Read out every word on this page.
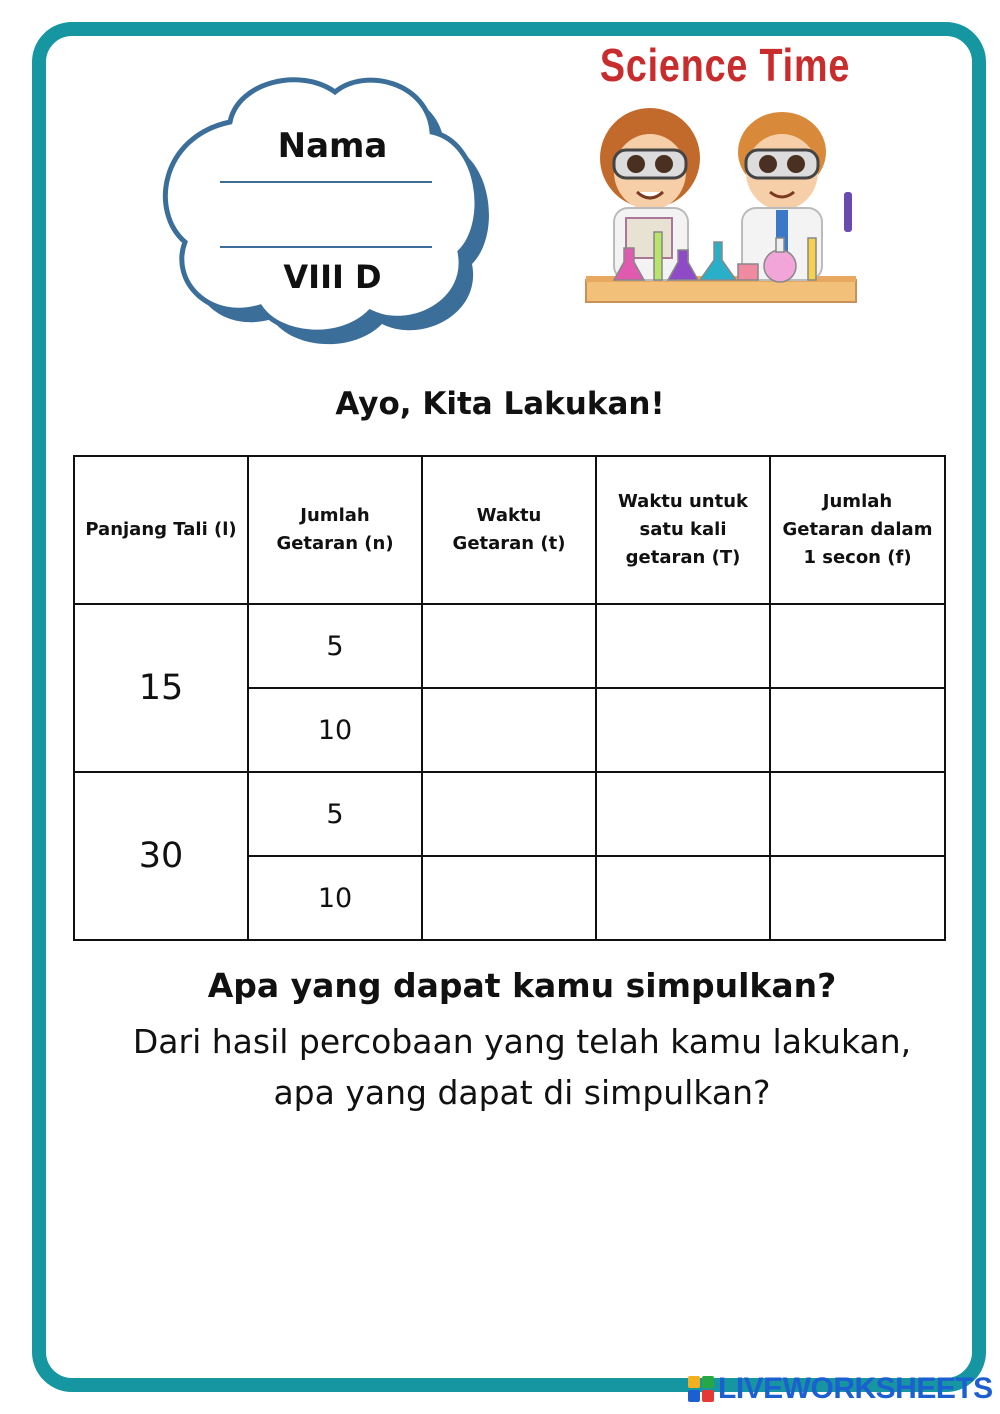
Nama
VIII D
Science Time
Ayo, Kita Lakukan!
Panjang Tali (l)	Jumlah Getaran (n)	Waktu Getaran (t)	Waktu untuk satu kali getaran (T)	Jumlah Getaran dalam 1 secon (f)
15	5			
	10			
30	5			
	10			
Apa yang dapat kamu simpulkan?
Dari hasil percobaan yang telah kamu lakukan, apa yang dapat di simpulkan?
LIVEWORKSHEETS
